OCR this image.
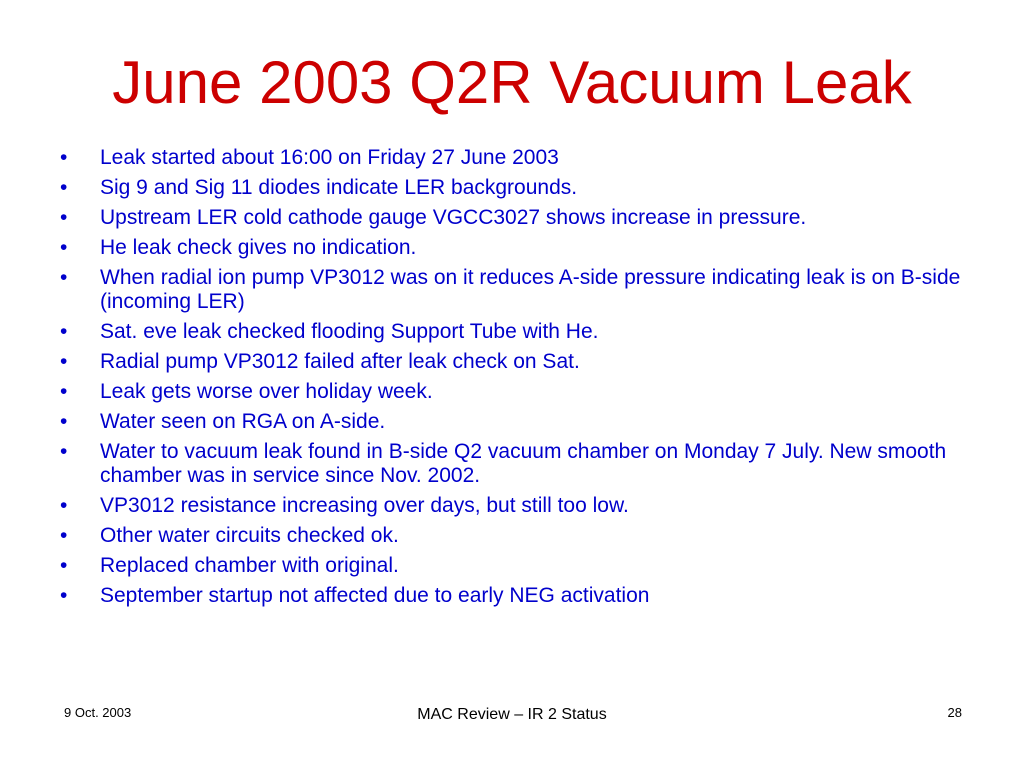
June 2003 Q2R Vacuum Leak
•	Leak started about 16:00 on Friday 27 June 2003
•	Sig 9 and Sig 11 diodes indicate LER backgrounds.
•	Upstream LER cold cathode gauge VGCC3027 shows increase in pressure.
•	He leak check gives no indication.
•	When radial ion pump VP3012 was on it reduces A-side pressure indicating leak is on B-side (incoming LER)
•	Sat. eve leak checked flooding Support Tube with He.
•	Radial pump VP3012 failed after leak check on Sat.
•	Leak gets worse over holiday week.
•	Water seen on RGA on A-side.
•	Water to vacuum leak found in B-side Q2 vacuum chamber on Monday 7 July. New smooth chamber was in service since Nov. 2002.
•	VP3012 resistance increasing over days, but still too low.
•	Other water circuits checked ok.
•	Replaced chamber with original.
•	September startup not affected due to early NEG activation
9 Oct. 2003	MAC Review – IR 2 Status	28
